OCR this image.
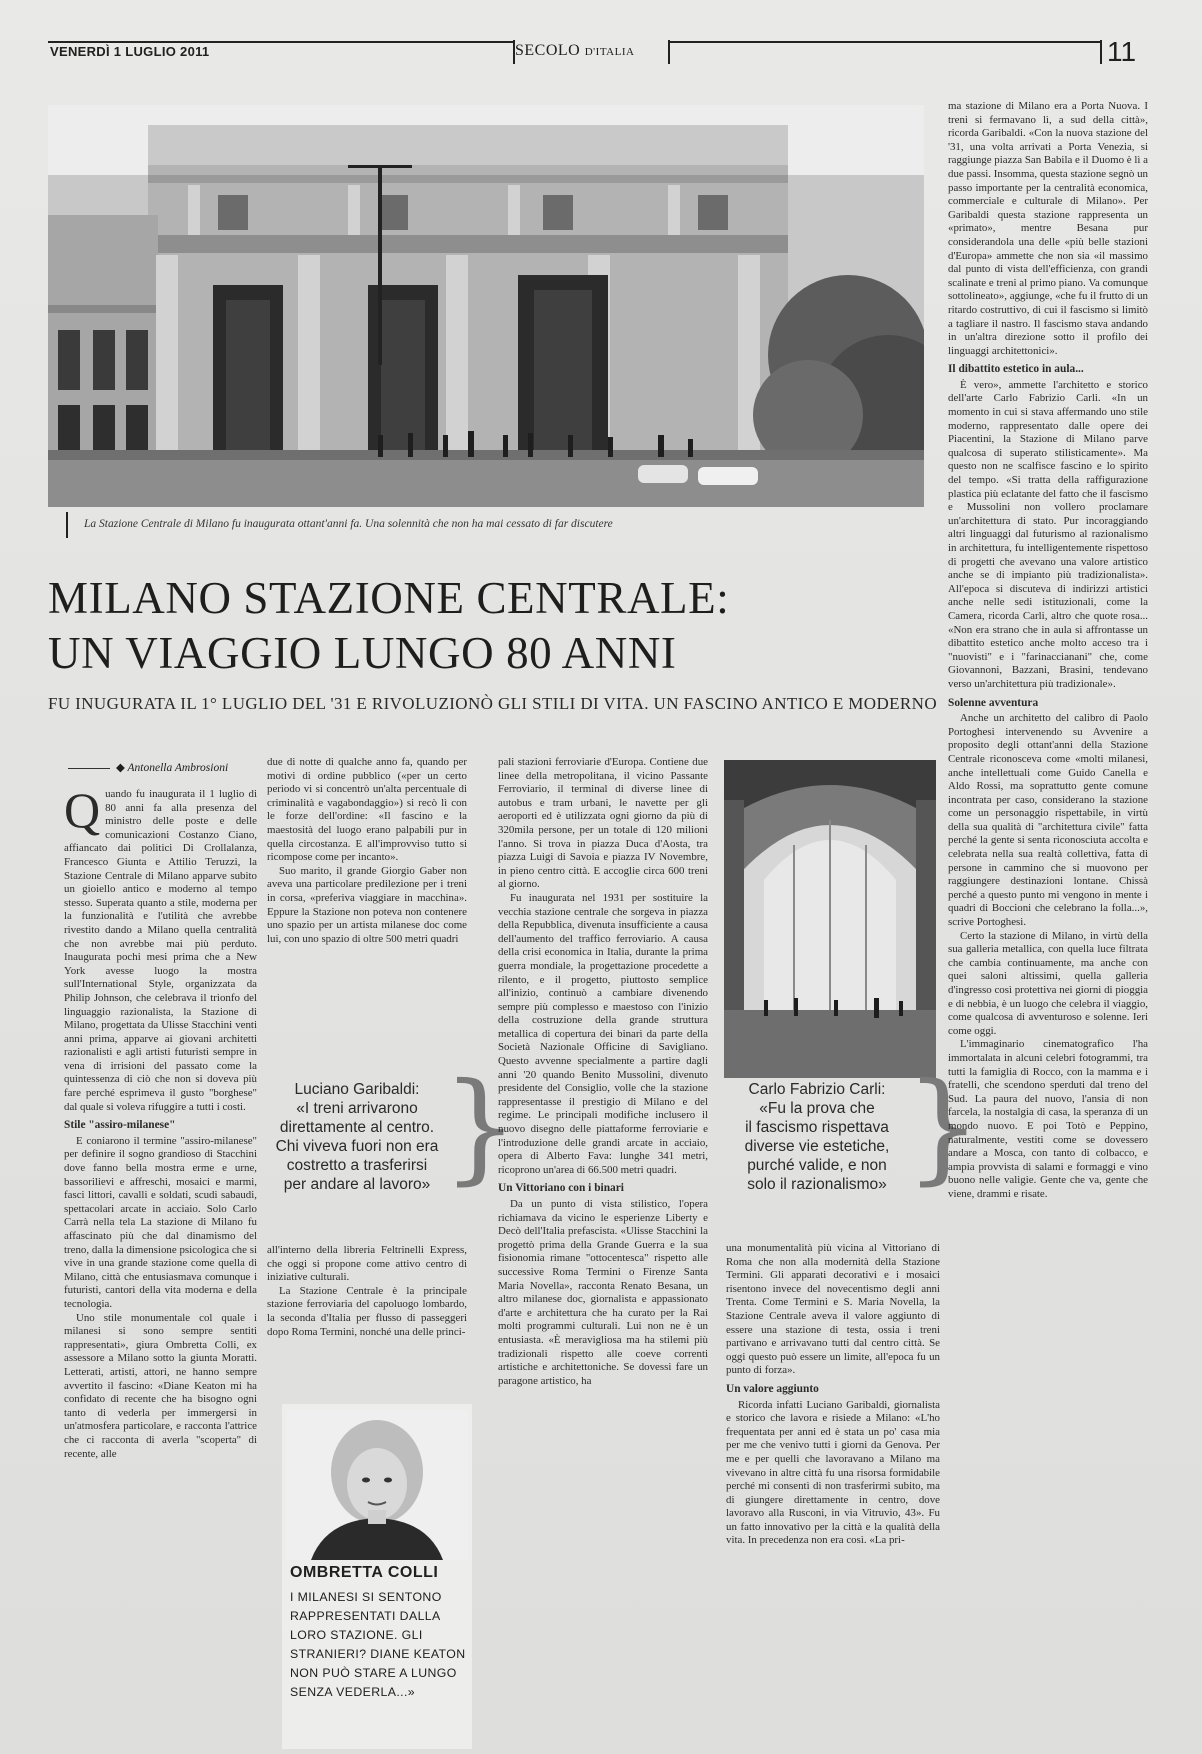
VENERDÌ 1 LUGLIO 2011	SECOLO D'ITALIA	11
La Stazione Centrale di Milano fu inaugurata ottant'anni fa. Una solennità che non ha mai cessato di far discutere
MILANO STAZIONE CENTRALE:
UN VIAGGIO LUNGO 80 ANNI
FU INUGURATA IL 1° LUGLIO DEL '31 E RIVOLUZIONÒ GLI STILI DI VITA. UN FASCINO ANTICO E MODERNO
◆ Antonella Ambrosioni

Quando fu inaugurata il 1 luglio di 80 anni fa alla presenza del ministro delle poste e delle comunicazioni Costanzo Ciano, affiancato dai politici Di Crollalanza, Francesco Giunta e Attilio Teruzzi, la Stazione Centrale di Milano apparve subito un gioiello antico e moderno al tempo stesso. Superata quanto a stile, moderna per la funzionalità e l'utilità che avrebbe rivestito dando a Milano quella centralità che non avrebbe mai più perduto. Inaugurata pochi mesi prima che a New York avesse luogo la mostra sull'International Style, organizzata da Philip Johnson, che celebrava il trionfo del linguaggio razionalista, la Stazione di Milano, progettata da Ulisse Stacchini venti anni prima, apparve ai giovani architetti razionalisti e agli artisti futuristi sempre in vena di irrisioni del passato come la quintessenza di ciò che non si doveva più fare perché esprimeva il gusto "borghese" dal quale si voleva rifuggire a tutti i costi.

Stile "assiro-milanese"

E coniarono il termine "assiro-milanese" per definire il sogno grandioso di Stacchini dove fanno bella mostra erme e urne, bassorilievi e affreschi, mosaici e marmi, fasci littori, cavalli e soldati, scudi sabaudi, spettacolari arcate in acciaio. Solo Carlo Carrà nella tela La stazione di Milano fu affascinato più che dal dinamismo del treno, dalla la dimensione psicologica che si vive in una grande stazione come quella di Milano, città che entusiasmava comunque i futuristi, cantori della vita moderna e della tecnologia.

Uno stile monumentale col quale i milanesi si sono sempre sentiti rappresentati», giura Ombretta Colli, ex assessore a Milano sotto la giunta Moratti. Letterati, artisti, attori, ne hanno sempre avvertito il fascino: «Diane Keaton mi ha confidato di recente che ha bisogno ogni tanto di vederla per immergersi in un'atmosfera particolare, e racconta l'attrice che ci racconta di averla "scoperta" di recente, alle

due di notte di qualche anno fa, quando per motivi di ordine pubblico («per un certo periodo vi si concentrò un'alta percentuale di criminalità e vagabondaggio») si recò lì con le forze dell'ordine: «Il fascino e la maestosità del luogo erano palpabili pur in quella circostanza. E all'improvviso tutto si ricompose come per incanto».

Suo marito, il grande Giorgio Gaber non aveva una particolare predilezione per i treni in corsa, «preferiva viaggiare in macchina». Eppure la Stazione non poteva non contenere uno spazio per un artista milanese doc come lui, con uno spazio di oltre 500 metri quadri

all'interno della libreria Feltrinelli Express, che oggi si propone come attivo centro di iniziative culturali.

La Stazione Centrale è la principale stazione ferroviaria del capoluogo lombardo, la seconda d'Italia per flusso di passeggeri dopo Roma Termini, nonché una delle princi-

Luciano Garibaldi:
«I treni arrivarono
direttamente al centro.
Chi viveva fuori non era
costretto a trasferirsi
per andare al lavoro» }
OMBRETTA COLLI
I MILANESI SI SENTONO RAPPRESENTATI DALLA LORO STAZIONE. GLI STRANIERI? DIANE KEATON NON PUÒ STARE A LUNGO SENZA VEDERLA...»

pali stazioni ferroviarie d'Europa. Contiene due linee della metropolitana, il vicino Passante Ferroviario, il terminal di diverse linee di autobus e tram urbani, le navette per gli aeroporti ed è utilizzata ogni giorno da più di 320mila persone, per un totale di 120 milioni l'anno. Si trova in piazza Duca d'Aosta, tra piazza Luigi di Savoia e piazza IV Novembre, in pieno centro città. E accoglie circa 600 treni al giorno.

Fu inaugurata nel 1931 per sostituire la vecchia stazione centrale che sorgeva in piazza della Repubblica, divenuta insufficiente a causa dell'aumento del traffico ferroviario. A causa della crisi economica in Italia, durante la prima guerra mondiale, la progettazione procedette a rilento, e il progetto, piuttosto semplice all'inizio, continuò a cambiare divenendo sempre più complesso e maestoso con l'inizio della costruzione della grande struttura metallica di copertura dei binari da parte della Società Nazionale Officine di Savigliano. Questo avvenne specialmente a partire dagli anni '20 quando Benito Mussolini, divenuto presidente del Consiglio, volle che la stazione rappresentasse il prestigio di Milano e del regime. Le principali modifiche inclusero il nuovo disegno delle piattaforme ferroviarie e l'introduzione delle grandi arcate in acciaio, opera di Alberto Fava: lunghe 341 metri, ricoprono un'area di 66.500 metri quadri.

Un Vittoriano con i binari

Da un punto di vista stilistico, l'opera richiamava da vicino le esperienze Liberty e Decò dell'Italia prefascista. «Ulisse Stacchini la progettò prima della Grande Guerra e la sua fisionomia rimane "ottocentesca" rispetto alle successive Roma Termini o Firenze Santa Maria Novella», racconta Renato Besana, un altro milanese doc, giornalista e appassionato d'arte e architettura che ha curato per la Rai molti programmi culturali. Lui non ne è un entusiasta. «È meravigliosa ma ha stilemi più tradizionali rispetto alle coeve correnti artistiche e architettoniche. Se dovessi fare un paragone artistico, ha

Carlo Fabrizio Carli:
«Fu la prova che
il fascismo rispettava
diverse vie estetiche,
purché valide, e non
solo il razionalismo» }

una monumentalità più vicina al Vittoriano di Roma che non alla modernità della Stazione Termini. Gli apparati decorativi e i mosaici risentono invece del novecentismo degli anni Trenta. Come Termini e S. Maria Novella, la Stazione Centrale aveva il valore aggiunto di essere una stazione di testa, ossia i treni partivano e arrivavano tutti dal centro città. Se oggi questo può essere un limite, all'epoca fu un punto di forza».

Un valore aggiunto

Ricorda infatti Luciano Garibaldi, giornalista e storico che lavora e risiede a Milano: «L'ho frequentata per anni ed è stata un po' casa mia per me che venivo tutti i giorni da Genova. Per me e per quelli che lavoravano a Milano ma vivevano in altre città fu una risorsa formidabile perché mi consentì di non trasferirmi subito, ma di giungere direttamente in centro, dove lavoravo alla Rusconi, in via Vitruvio, 43». Fu un fatto innovativo per la città e la qualità della vita. In precedenza non era così. «La pri-

ma stazione di Milano era a Porta Nuova. I treni si fermavano lì, a sud della città», ricorda Garibaldi. «Con la nuova stazione del '31, una volta arrivati a Porta Venezia, si raggiunge piazza San Babila e il Duomo è lì a due passi. Insomma, questa stazione segnò un passo importante per la centralità economica, commerciale e culturale di Milano». Per Garibaldi questa stazione rappresenta un «primato», mentre Besana pur considerandola una delle «più belle stazioni d'Europa» ammette che non sia «il massimo dal punto di vista dell'efficienza, con grandi scalinate e treni al primo piano. Va comunque sottolineato», aggiunge, «che fu il frutto di un ritardo costruttivo, di cui il fascismo si limitò a tagliare il nastro. Il fascismo stava andando in un'altra direzione sotto il profilo dei linguaggi architettonici».

Il dibattito estetico in aula...

È vero», ammette l'architetto e storico dell'arte Carlo Fabrizio Carli. «In un momento in cui si stava affermando uno stile moderno, rappresentato dalle opere dei Piacentini, la Stazione di Milano parve qualcosa di superato stilisticamente». Ma questo non ne scalfisce fascino e lo spirito del tempo. «Si tratta della raffigurazione plastica più eclatante del fatto che il fascismo e Mussolini non vollero proclamare un'architettura di stato. Pur incoraggiando altri linguaggi dal futurismo al razionalismo in architettura, fu intelligentemente rispettoso di progetti che avevano una valore artistico anche se di impianto più tradizionalista». All'epoca si discuteva di indirizzi artistici anche nelle sedi istituzionali, come la Camera, ricorda Carli, altro che quote rosa... «Non era strano che in aula si affrontasse un dibattito estetico anche molto acceso tra i "nuovisti" e i "farinaccianani" che, come Giovannoni, Bazzani, Brasini, tendevano verso un'architettura più tradizionale».

Solenne avventura

Anche un architetto del calibro di Paolo Portoghesi intervenendo su Avvenire a proposito degli ottant'anni della Stazione Centrale riconosceva come «molti milanesi, anche intellettuali come Guido Canella e Aldo Rossi, ma soprattutto gente comune incontrata per caso, considerano la stazione come un personaggio rispettabile, in virtù della sua qualità di "architettura civile" fatta perché la gente si senta riconosciuta accolta e celebrata nella sua realtà collettiva, fatta di persone in cammino che si muovono per raggiungere destinazioni lontane. Chissà perché a questo punto mi vengono in mente i quadri di Boccioni che celebrano la folla...», scrive Portoghesi.

Certo la stazione di Milano, in virtù della sua galleria metallica, con quella luce filtrata che cambia continuamente, ma anche con quei saloni altissimi, quella galleria d'ingresso così protettiva nei giorni di pioggia e di nebbia, è un luogo che celebra il viaggio, come qualcosa di avventuroso e solenne. Ieri come oggi.

L'immaginario cinematografico l'ha immortalata in alcuni celebri fotogrammi, tra tutti la famiglia di Rocco, con la mamma e i fratelli, che scendono sperduti dal treno del Sud. La paura del nuovo, l'ansia di non farcela, la nostalgia di casa, la speranza di un mondo nuovo. E poi Totò e Peppino, naturalmente, vestiti come se dovessero andare a Mosca, con tanto di colbacco, e ampia provvista di salami e formaggi e vino buono nelle valigie. Gente che va, gente che viene, drammi e risate.
